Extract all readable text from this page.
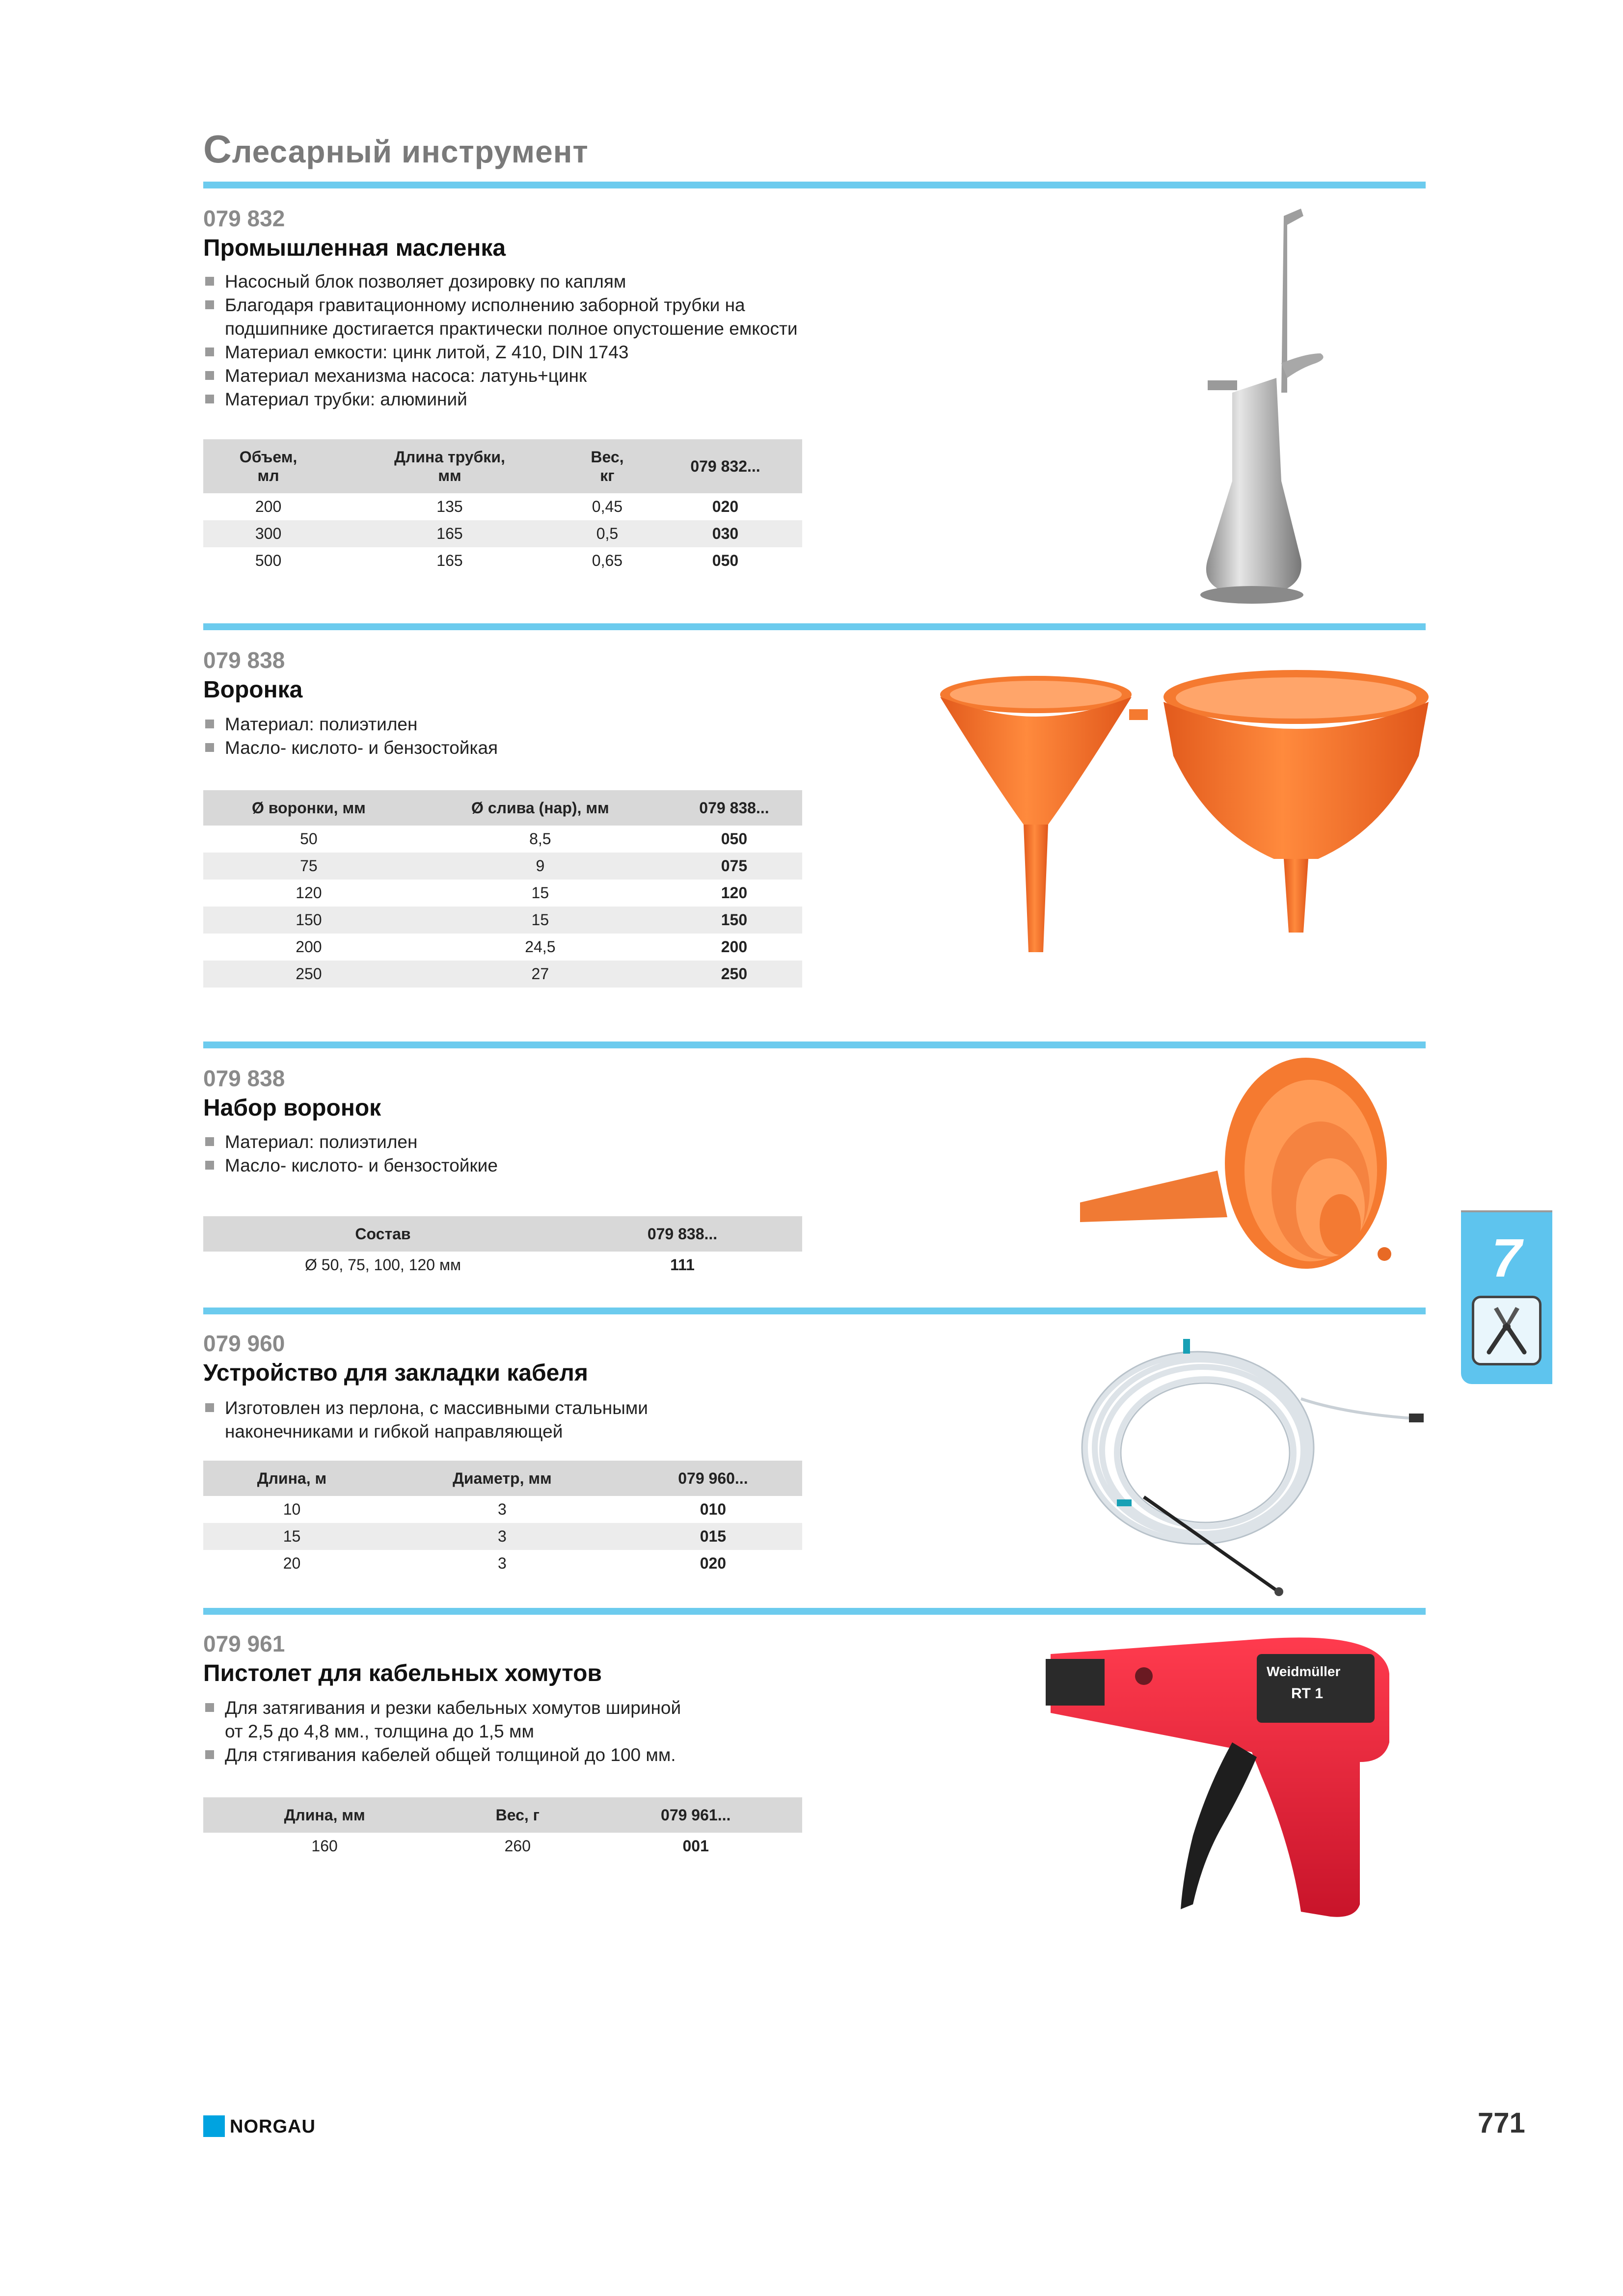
Слесарный инструмент
079 832
Промышленная масленка
Насосный блок позволяет дозировку по каплям
Благодаря гравитационному исполнению заборной трубки на
подшипнике достигается практически полное опустошение емкости
Материал емкости: цинк литой, Z 410, DIN 1743
Материал механизма насоса: латунь+цинк
Материал трубки: алюминий
Объем,
мл	Длина трубки,
мм	Вес,
кг	079 832...
200	135	0,45	020
300	165	0,5	030
500	165	0,65	050
079 838
Воронка
Материал: полиэтилен
Масло- кислото- и бензостойкая
Ø воронки, мм	Ø слива (нар), мм	079 838...
50	8,5	050
75	9	075
120	15	120
150	15	150
200	24,5	200
250	27	250
079 838
Набор воронок
Материал: полиэтилен
Масло- кислото- и бензостойкие
Состав	079 838...
Ø 50, 75, 100, 120 мм	111	7
079 960
Устройство для закладки кабеля
Изготовлен из перлона, с массивными стальными
наконечниками и гибкой направляющей
Длина, м	Диаметр, мм	079 960...
10	3	010
15	3	015
20	3	020
079 961
Пистолет для кабельных хомутов
Для затягивания и резки кабельных хомутов шириной
от 2,5 до 4,8 мм., толщина до 1,5 мм
Для стягивания кабелей общей толщиной до 100 мм.
Длина, мм	Вес, г	079 961...
160	260	001
Weidmüller
RT 1
NORGAU	771
